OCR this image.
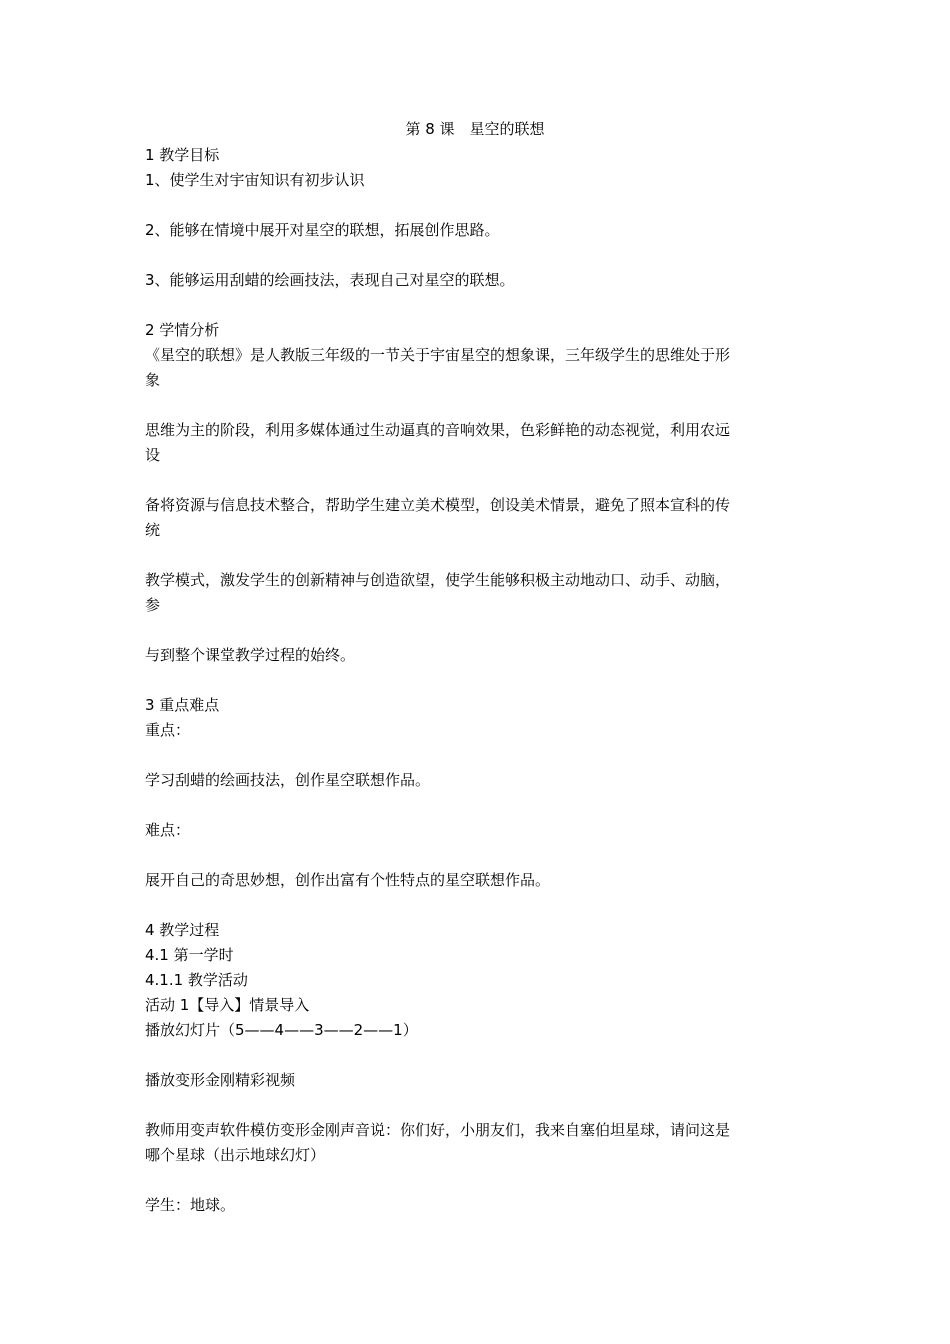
第 8 课　星空的联想

1 教学目标

1、使学生对宇宙知识有初步认识

2、能够在情境中展开对星空的联想，拓展创作思路。

3、能够运用刮蜡的绘画技法，表现自己对星空的联想。

2 学情分析

《星空的联想》是人教版三年级的一节关于宇宙星空的想象课，三年级学生的思维处于形

象

思维为主的阶段，利用多媒体通过生动逼真的音响效果，色彩鲜艳的动态视觉，利用农远

设

备将资源与信息技术整合，帮助学生建立美术模型，创设美术情景，避免了照本宣科的传

统

教学模式，激发学生的创新精神与创造欲望，使学生能够积极主动地动口、动手、动脑，

参

与到整个课堂教学过程的始终。

3 重点难点

重点：

学习刮蜡的绘画技法，创作星空联想作品。

难点：

展开自己的奇思妙想，创作出富有个性特点的星空联想作品。

4 教学过程

4.1 第一学时

4.1.1 教学活动

活动 1【导入】情景导入

播放幻灯片（5——4——3——2——1）

播放变形金刚精彩视频

教师用变声软件模仿变形金刚声音说：你们好，小朋友们，我来自塞伯坦星球，请问这是

哪个星球（出示地球幻灯）

学生：地球。
